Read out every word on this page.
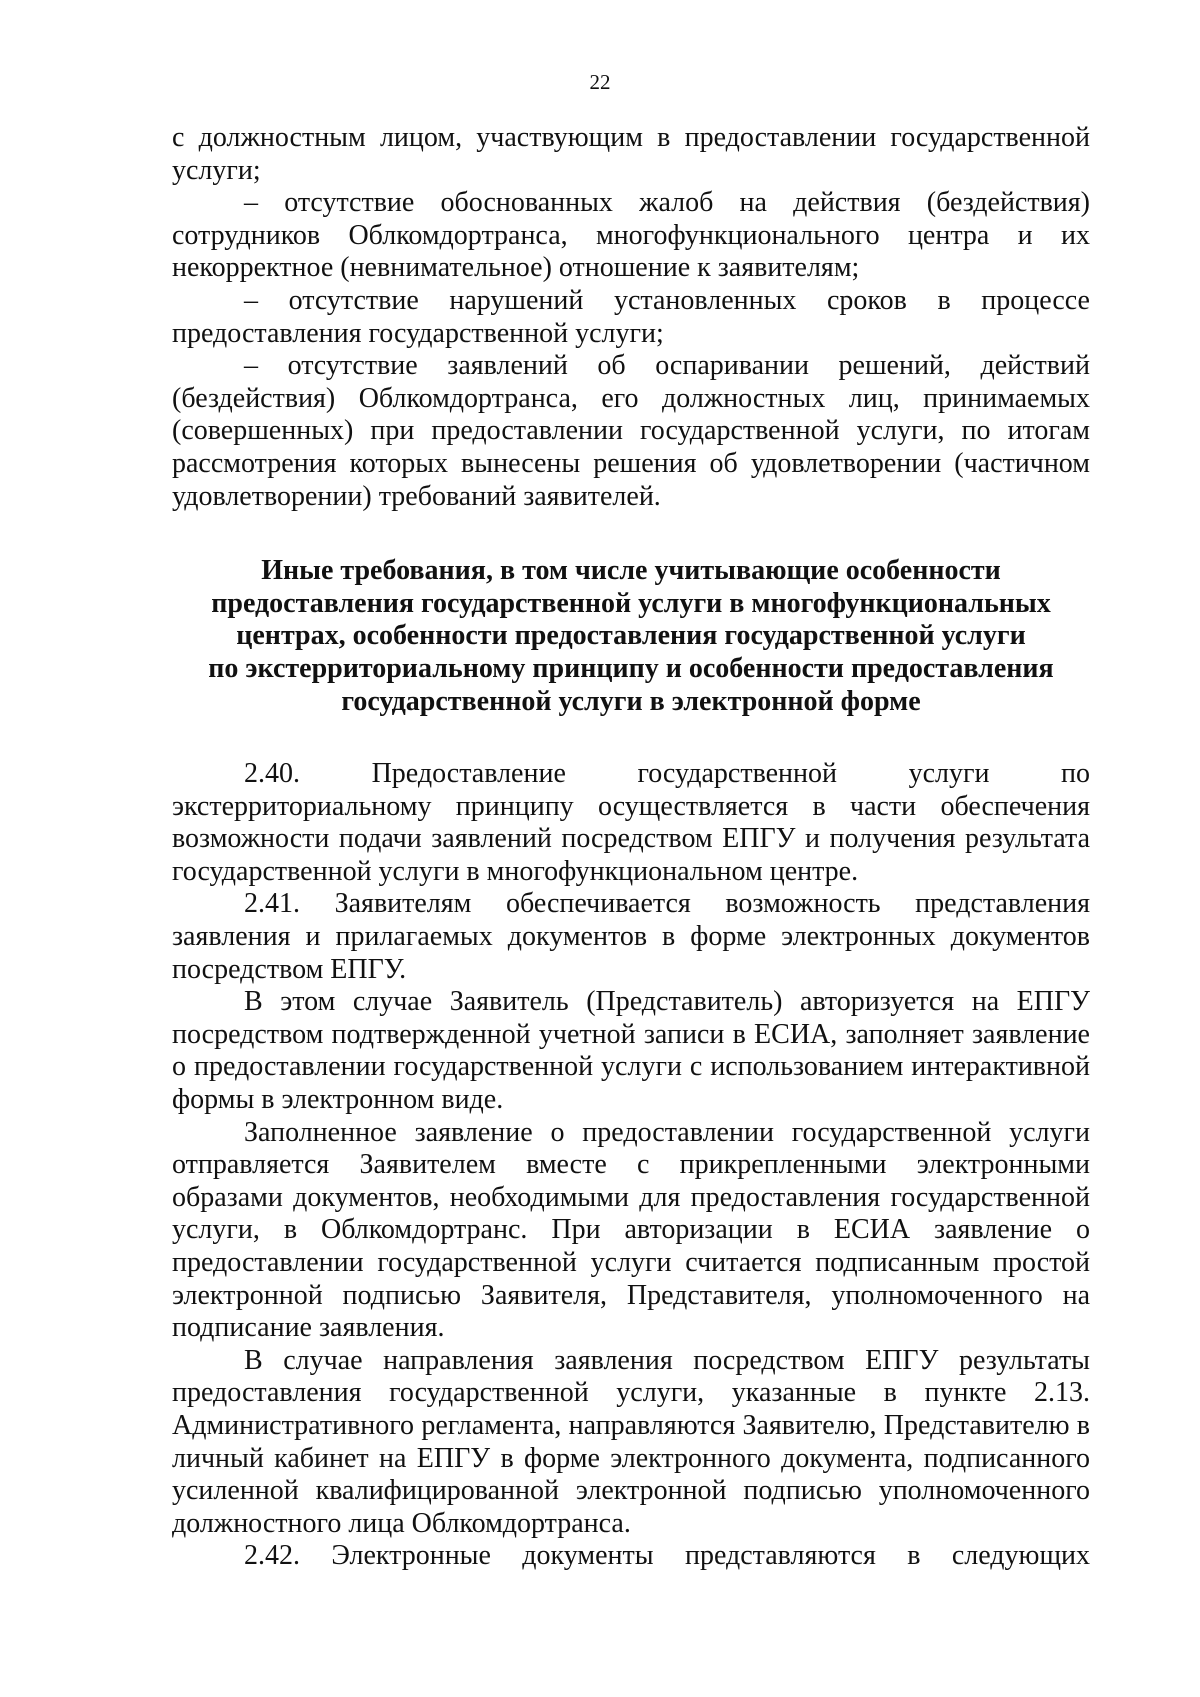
22

с должностным лицом, участвующим в предоставлении государственной услуги;

– отсутствие обоснованных жалоб на действия (бездействия) сотрудников Облкомдортранса, многофункционального центра и их некорректное (невнимательное) отношение к заявителям;

– отсутствие нарушений установленных сроков в процессе предоставления государственной услуги;

– отсутствие заявлений об оспаривании решений, действий (бездействия) Облкомдортранса, его должностных лиц, принимаемых (совершенных) при предоставлении государственной услуги, по итогам рассмотрения которых вынесены решения об удовлетворении (частичном удовлетворении) требований заявителей.

Иные требования, в том числе учитывающие особенности
предоставления государственной услуги в многофункциональных
центрах, особенности предоставления государственной услуги
по экстерриториальному принципу и особенности предоставления
государственной услуги в электронной форме

2.40. Предоставление государственной услуги по экстерриториальному принципу осуществляется в части обеспечения возможности подачи заявлений посредством ЕПГУ и получения результата государственной услуги в многофункциональном центре.

2.41. Заявителям обеспечивается возможность представления заявления и прилагаемых документов в форме электронных документов посредством ЕПГУ.

В этом случае Заявитель (Представитель) авторизуется на ЕПГУ посредством подтвержденной учетной записи в ЕСИА, заполняет заявление о предоставлении государственной услуги с использованием интерактивной формы в электронном виде.

Заполненное заявление о предоставлении государственной услуги отправляется Заявителем вместе с прикрепленными электронными образами документов, необходимыми для предоставления государственной услуги, в Облкомдортранс. При авторизации в ЕСИА заявление о предоставлении государственной услуги считается подписанным простой электронной подписью Заявителя, Представителя, уполномоченного на подписание заявления.

В случае направления заявления посредством ЕПГУ результаты предоставления государственной услуги, указанные в пункте 2.13. Административного регламента, направляются Заявителю, Представителю в личный кабинет на ЕПГУ в форме электронного документа, подписанного усиленной квалифицированной электронной подписью уполномоченного должностного лица Облкомдортранса.

2.42. Электронные документы представляются в следующих
